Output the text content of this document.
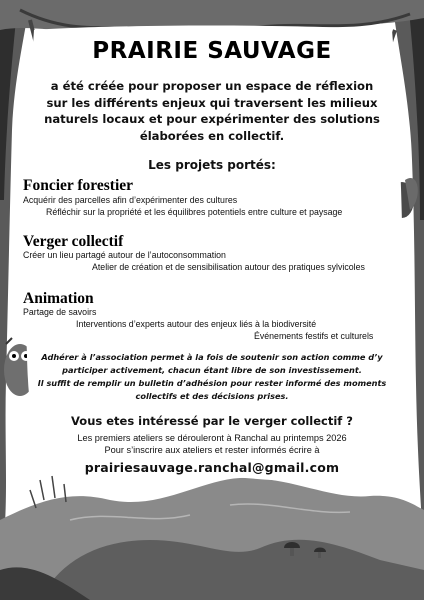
PRAIRIE SAUVAGE
a été créée pour proposer un espace de réflexion
sur les différents enjeux qui traversent les milieux
naturels locaux et pour expérimenter des solutions
élaborées en collectif.
Les projets portés:
Foncier forestier
Acquérir des parcelles afin d’expérimenter des cultures
Réfléchir sur la propriété et les équilibres potentiels entre culture et paysage
Verger collectif
Créer un lieu partagé autour de l’autoconsommation
Atelier de création et de sensibilisation autour des pratiques sylvicoles
Animation
Partage de savoirs
Interventions d’experts autour des enjeux liés à la biodiversité
Événements festifs et culturels
Adhérer à l’association permet à la fois de soutenir son action comme d’y
participer activement, chacun étant libre de son investissement.
Il suffit de remplir un bulletin d’adhésion pour rester informé des moments
collectifs et des décisions prises.
Vous etes intéressé par le verger collectif ?
Les premiers ateliers se dérouleront à Ranchal au printemps 2026
Pour s’inscrire aux ateliers et rester informés écrire à
prairiesauvage.ranchal@gmail.com
